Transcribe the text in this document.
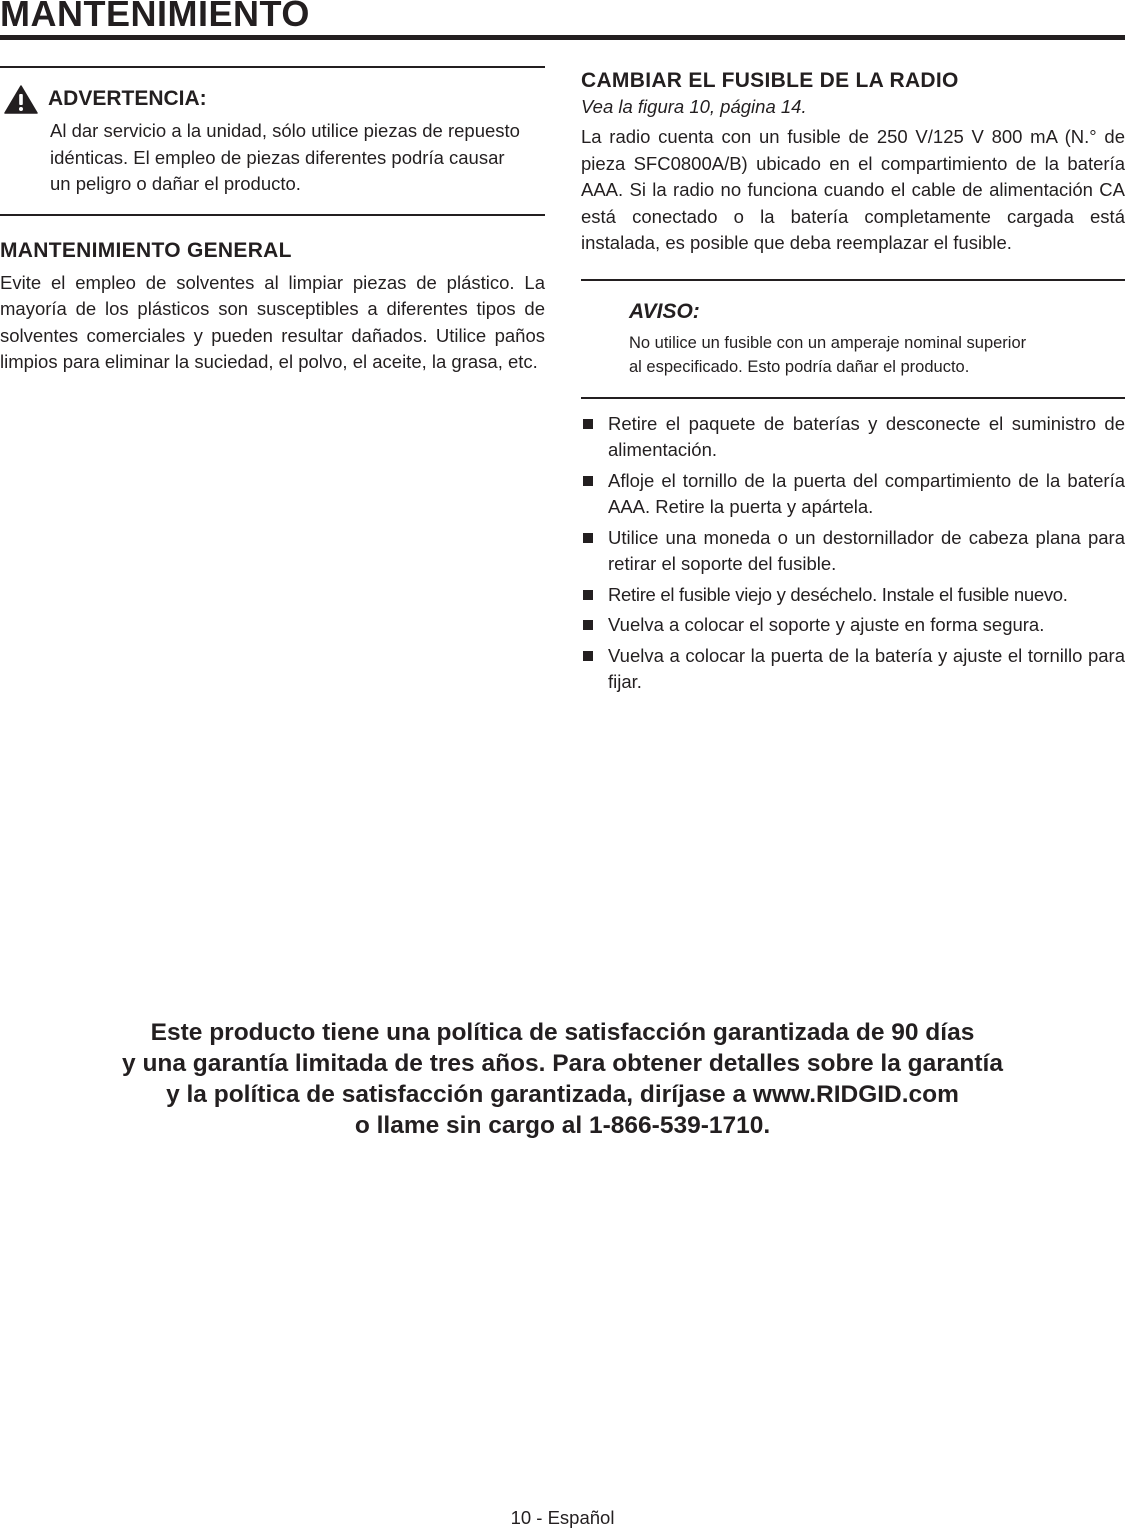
MANTENIMIENTO
ADVERTENCIA:

Al dar servicio a la unidad, sólo utilice piezas de repuesto idénticas. El empleo de piezas diferentes podría causar un peligro o dañar el producto.

MANTENIMIENTO GENERAL

Evite el empleo de solventes al limpiar piezas de plástico. La mayoría de los plásticos son susceptibles a diferentes tipos de solventes comerciales y pueden resultar dañados. Utilice paños limpios para eliminar la suciedad, el polvo, el aceite, la grasa, etc.

CAMBIAR EL FUSIBLE DE LA RADIO

Vea la figura 10, página 14.

La radio cuenta con un fusible de 250 V/125 V 800 mA (N.° de pieza SFC0800A/B) ubicado en el compartimiento de la batería AAA. Si la radio no funciona cuando el cable de alimentación CA está conectado o la batería completamente cargada está instalada, es posible que deba reemplazar el fusible.

AVISO:

No utilice un fusible con un amperaje nominal superior
al especificado. Esto podría dañar el producto.

Retire el paquete de baterías y desconecte el suministro de alimentación.
Afloje el tornillo de la puerta del compartimiento de la batería AAA. Retire la puerta y apártela.
Utilice una moneda o un destornillador de cabeza plana para retirar el soporte del fusible.
Retire el fusible viejo y deséchelo. Instale el fusible nuevo.
Vuelva a colocar el soporte y ajuste en forma segura.
Vuelva a colocar la puerta de la batería y ajuste el tornillo para fijar.

Este producto tiene una política de satisfacción garantizada de 90 días

y una garantía limitada de tres años. Para obtener detalles sobre la garantía

y la política de satisfacción garantizada, diríjase a www.RIDGID.com

o llame sin cargo al 1-866-539-1710.

10 - Español
